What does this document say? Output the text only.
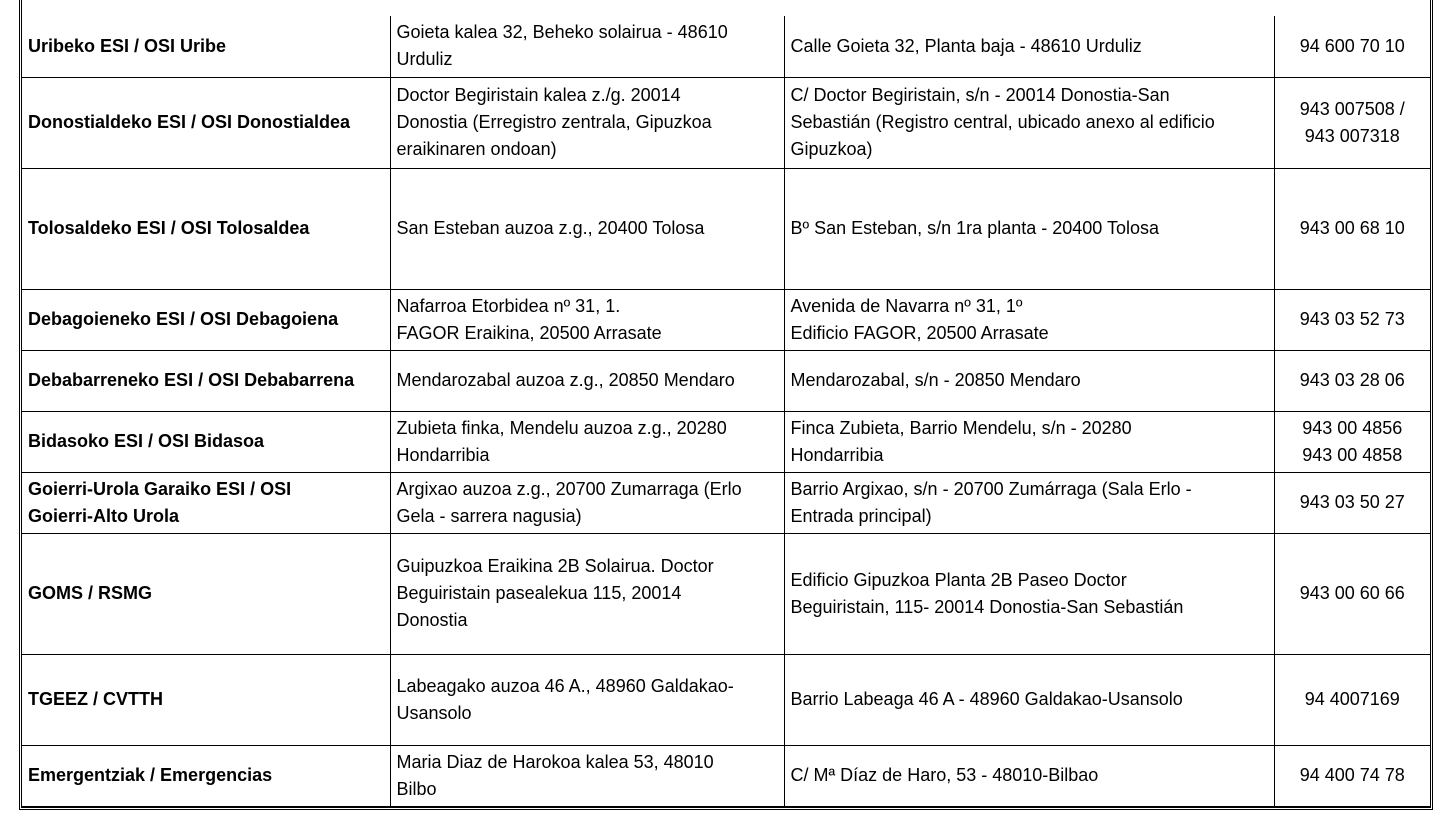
Uribeko ESI / OSI Uribe	Goieta kalea 32, Beheko solairua - 48610
Urduliz	Calle Goieta 32, Planta baja - 48610 Urduliz	94 600 70 10

Donostialdeko ESI / OSI Donostialdea	Doctor Begiristain kalea z./g. 20014
Donostia (Erregistro zentrala, Gipuzkoa
eraikinaren ondoan)	C/ Doctor Begiristain, s/n - 20014 Donostia-San
Sebastián (Registro central, ubicado anexo al edificio
Gipuzkoa)	943 007508 /
943 007318

Tolosaldeko ESI / OSI Tolosaldea	San Esteban auzoa z.g., 20400 Tolosa	Bº San Esteban, s/n 1ra planta - 20400 Tolosa	943 00 68 10

Debagoieneko ESI / OSI Debagoiena	Nafarroa Etorbidea nº 31, 1.
FAGOR Eraikina, 20500 Arrasate	Avenida de Navarra nº 31, 1º
Edificio FAGOR, 20500 Arrasate	943 03 52 73

Debabarreneko ESI / OSI Debabarrena	Mendarozabal auzoa z.g., 20850 Mendaro	Mendarozabal, s/n - 20850 Mendaro	943 03 28 06

Bidasoko ESI / OSI Bidasoa	Zubieta finka, Mendelu auzoa z.g., 20280
Hondarribia	Finca Zubieta, Barrio Mendelu, s/n - 20280
Hondarribia	943 00 4856
943 00 4858

Goierri-Urola Garaiko ESI / OSI
Goierri-Alto Urola	Argixao auzoa z.g., 20700 Zumarraga (Erlo
Gela - sarrera nagusia)	Barrio Argixao, s/n - 20700 Zumárraga (Sala Erlo -
Entrada principal)	943 03 50 27

GOMS / RSMG	Guipuzkoa Eraikina 2B Solairua. Doctor
Beguiristain pasealekua 115, 20014
Donostia	Edificio Gipuzkoa Planta 2B Paseo Doctor
Beguiristain, 115- 20014 Donostia-San Sebastián	943 00 60 66

TGEEZ / CVTTH	Labeagako auzoa 46 A., 48960 Galdakao-
Usansolo	Barrio Labeaga 46 A - 48960 Galdakao-Usansolo	94 4007169

Emergentziak / Emergencias	Maria Diaz de Harokoa kalea 53, 48010
Bilbo	C/ Mª Díaz de Haro, 53 - 48010-Bilbao	94 400 74 78
